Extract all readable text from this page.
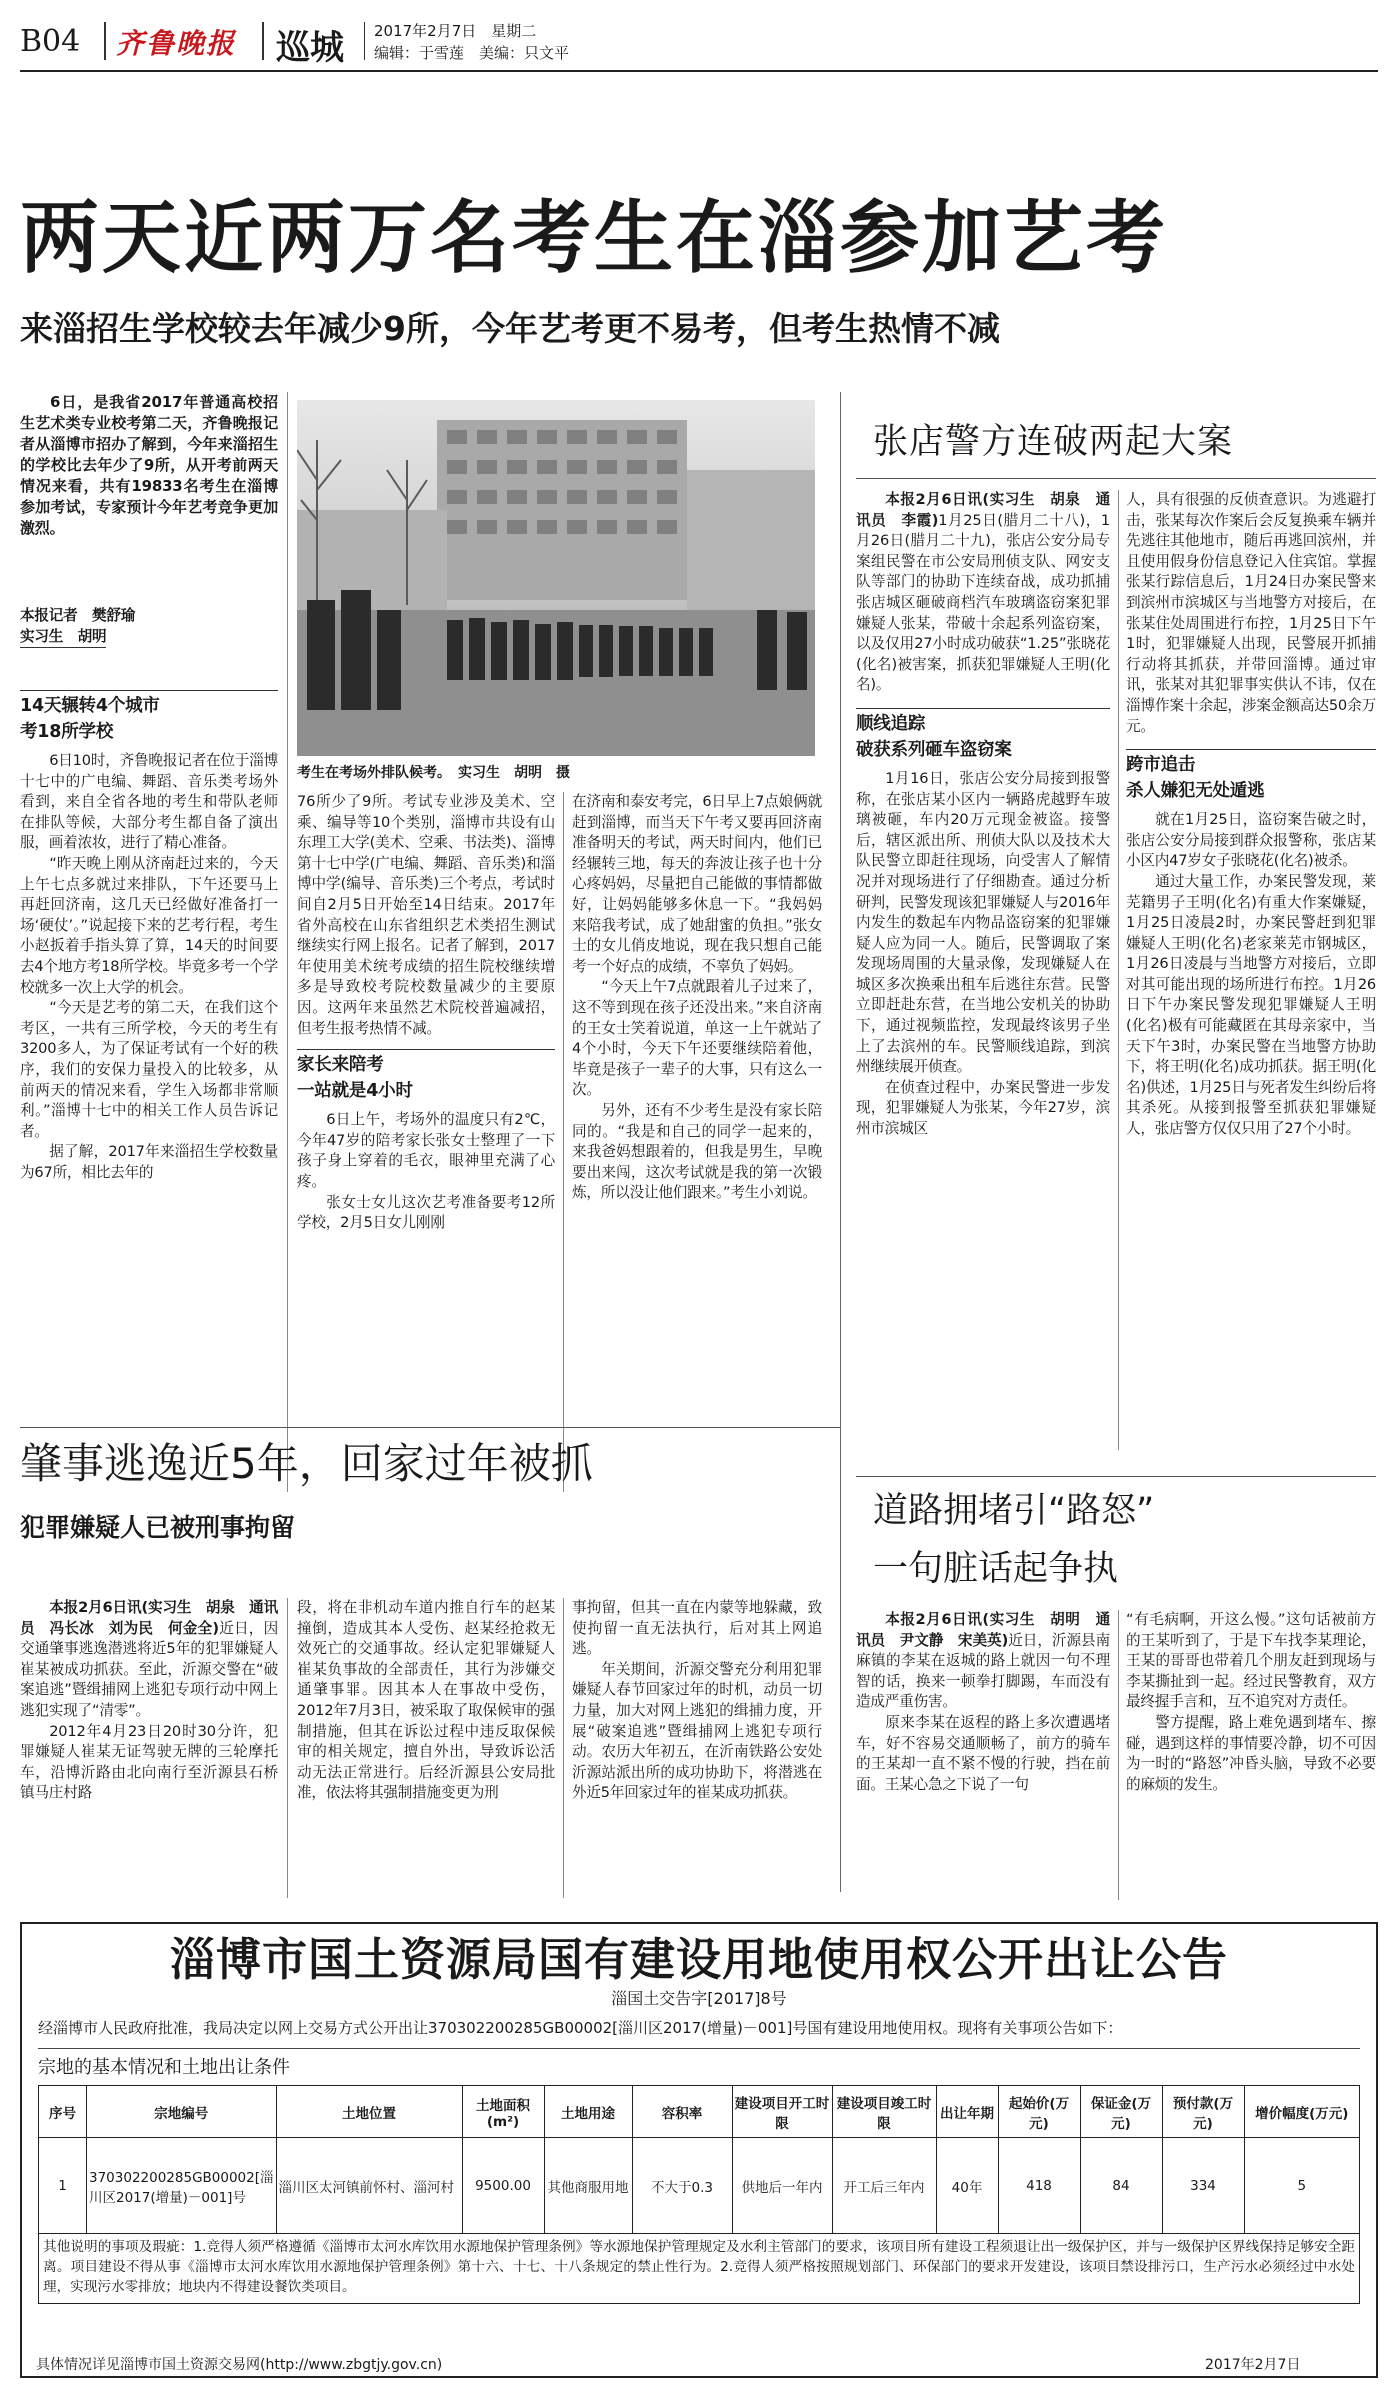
B04 齐鲁晚报 巡城 2017年2月7日　星期二
编辑：于雪莲　美编：只文平
两天近两万名考生在淄参加艺考
来淄招生学校较去年减少9所，今年艺考更不易考，但考生热情不减

6日，是我省2017年普通高校招生艺术类专业校考第二天，齐鲁晚报记者从淄博市招办了解到，今年来淄招生的学校比去年少了9所，从开考前两天情况来看，共有19833名考生在淄博参加考试，专家预计今年艺考竞争更加激烈。

本报记者　樊舒瑜
实习生　胡明
考生在考场外排队候考。　实习生　胡明　摄
14天辗转4个城市
考18所学校

6日10时，齐鲁晚报记者在位于淄博十七中的广电编、舞蹈、音乐类考场外看到，来自全省各地的考生和带队老师在排队等候，大部分考生都自备了演出服，画着浓妆，进行了精心准备。

“昨天晚上刚从济南赶过来的，今天上午七点多就过来排队，下午还要马上再赶回济南，这几天已经做好准备打一场‘硬仗’。”说起接下来的艺考行程，考生小赵扳着手指头算了算，14天的时间要去4个地方考18所学校。毕竟多考一个学校就多一次上大学的机会。

“今天是艺考的第二天，在我们这个考区，一共有三所学校，今天的考生有3200多人，为了保证考试有一个好的秩序，我们的安保力量投入的比较多，从前两天的情况来看，学生入场都非常顺利。”淄博十七中的相关工作人员告诉记者。

据了解，2017年来淄招生学校数量为67所，相比去年的

76所少了9所。考试专业涉及美术、空乘、编导等10个类别，淄博市共设有山东理工大学(美术、空乘、书法类)、淄博第十七中学(广电编、舞蹈、音乐类)和淄博中学(编导、音乐类)三个考点，考试时间自2月5日开始至14日结束。2017年省外高校在山东省组织艺术类招生测试继续实行网上报名。记者了解到，2017年使用美术统考成绩的招生院校继续增多是导致校考院校数量减少的主要原因。这两年来虽然艺术院校普遍减招，但考生报考热情不减。

家长来陪考
一站就是4小时

6日上午，考场外的温度只有2℃，今年47岁的陪考家长张女士整理了一下孩子身上穿着的毛衣，眼神里充满了心疼。

张女士女儿这次艺考准备要考12所学校，2月5日女儿刚刚

在济南和泰安考完，6日早上7点娘俩就赶到淄博，而当天下午考又要再回济南准备明天的考试，两天时间内，他们已经辗转三地，每天的奔波让孩子也十分心疼妈妈，尽量把自己能做的事情都做好，让妈妈能够多休息一下。“我妈妈来陪我考试，成了她甜蜜的负担。”张女士的女儿俏皮地说，现在我只想自己能考一个好点的成绩，不辜负了妈妈。

“今天上午7点就跟着儿子过来了，这不等到现在孩子还没出来。”来自济南的王女士笑着说道，单这一上午就站了4个小时，今天下午还要继续陪着他，毕竟是孩子一辈子的大事，只有这么一次。

另外，还有不少考生是没有家长陪同的。“我是和自己的同学一起来的，来我爸妈想跟着的，但我是男生，早晚要出来闯，这次考试就是我的第一次锻炼，所以没让他们跟来。”考生小刘说。

张店警方连破两起大案

本报2月6日讯(实习生　胡泉　通讯员　李霞)1月25日(腊月二十八)，1月26日(腊月二十九)，张店公安分局专案组民警在市公安局刑侦支队、网安支队等部门的协助下连续奋战，成功抓捕张店城区砸破商档汽车玻璃盗窃案犯罪嫌疑人张某，带破十余起系列盗窃案，以及仅用27小时成功破获“1.25”张晓花(化名)被害案，抓获犯罪嫌疑人王明(化名)。

顺线追踪
破获系列砸车盗窃案

1月16日，张店公安分局接到报警称，在张店某小区内一辆路虎越野车玻璃被砸，车内20万元现金被盗。接警后，辖区派出所、刑侦大队以及技术大队民警立即赶往现场，向受害人了解情况并对现场进行了仔细勘查。通过分析研判，民警发现该犯罪嫌疑人与2016年内发生的数起车内物品盗窃案的犯罪嫌疑人应为同一人。随后，民警调取了案发现场周围的大量录像，发现嫌疑人在城区多次换乘出租车后逃往东营。民警立即赶赴东营，在当地公安机关的协助下，通过视频监控，发现最终该男子坐上了去滨州的车。民警顺线追踪，到滨州继续展开侦查。

在侦查过程中，办案民警进一步发现，犯罪嫌疑人为张某，今年27岁，滨州市滨城区

人，具有很强的反侦查意识。为逃避打击，张某每次作案后会反复换乘车辆并先逃往其他地市，随后再逃回滨州，并且使用假身份信息登记入住宾馆。掌握张某行踪信息后，1月24日办案民警来到滨州市滨城区与当地警方对接后，在张某住处周围进行布控，1月25日下午1时，犯罪嫌疑人出现，民警展开抓捕行动将其抓获，并带回淄博。通过审讯，张某对其犯罪事实供认不讳，仅在淄博作案十余起，涉案金额高达50余万元。

跨市追击
杀人嫌犯无处遁逃

就在1月25日，盗窃案告破之时，张店公安分局接到群众报警称，张店某小区内47岁女子张晓花(化名)被杀。

通过大量工作，办案民警发现，莱芜籍男子王明(化名)有重大作案嫌疑，1月25日凌晨2时，办案民警赶到犯罪嫌疑人王明(化名)老家莱芜市钢城区，1月26日凌晨与当地警方对接后，立即对其可能出现的场所进行布控。1月26日下午办案民警发现犯罪嫌疑人王明(化名)极有可能藏匿在其母亲家中，当天下午3时，办案民警在当地警方协助下，将王明(化名)成功抓获。据王明(化名)供述，1月25日与死者发生纠纷后将其杀死。从接到报警至抓获犯罪嫌疑人，张店警方仅仅只用了27个小时。

肇事逃逸近5年，回家过年被抓
犯罪嫌疑人已被刑事拘留

本报2月6日讯(实习生　胡泉　通讯员　冯长冰　刘为民　何金全)近日，因交通肇事逃逸潜逃将近5年的犯罪嫌疑人崔某被成功抓获。至此，沂源交警在“破案追逃”暨缉捕网上逃犯专项行动中网上逃犯实现了“清零”。

2012年4月23日20时30分许，犯罪嫌疑人崔某无证驾驶无牌的三轮摩托车，沿博沂路由北向南行至沂源县石桥镇马庄村路

段，将在非机动车道内推自行车的赵某撞倒，造成其本人受伤、赵某经抢救无效死亡的交通事故。经认定犯罪嫌疑人崔某负事故的全部责任，其行为涉嫌交通肇事罪。因其本人在事故中受伤，2012年7月3日，被采取了取保候审的强制措施，但其在诉讼过程中违反取保候审的相关规定，擅自外出，导致诉讼活动无法正常进行。后经沂源县公安局批准，依法将其强制措施变更为刑

事拘留，但其一直在内蒙等地躲藏，致使拘留一直无法执行，后对其上网追逃。

年关期间，沂源交警充分利用犯罪嫌疑人春节回家过年的时机，动员一切力量，加大对网上逃犯的缉捕力度，开展“破案追逃”暨缉捕网上逃犯专项行动。农历大年初五，在沂南铁路公安处沂源站派出所的成功协助下，将潜逃在外近5年回家过年的崔某成功抓获。

道路拥堵引“路怒”
一句脏话起争执

本报2月6日讯(实习生　胡明　通讯员　尹文静　宋美英)近日，沂源县南麻镇的李某在返城的路上就因一句不理智的话，换来一顿拳打脚踢，车而没有造成严重伤害。

原来李某在返程的路上多次遭遇堵车，好不容易交通顺畅了，前方的骑车的王某却一直不紧不慢的行驶，挡在前面。王某心急之下说了一句

“有毛病啊，开这么慢。”这句话被前方的王某听到了，于是下车找李某理论，王某的哥哥也带着几个朋友赶到现场与李某撕扯到一起。经过民警教育，双方最终握手言和，互不追究对方责任。

警方提醒，路上难免遇到堵车、擦碰，遇到这样的事情要冷静，切不可因为一时的“路怒”冲昏头脑，导致不必要的麻烦的发生。

淄博市国土资源局国有建设用地使用权公开出让公告
淄国土交告字[2017]8号
经淄博市人民政府批准，我局决定以网上交易方式公开出让370302200285GB00002[淄川区2017(增量)－001]号国有建设用地使用权。现将有关事项公告如下：
宗地的基本情况和土地出让条件
序号	宗地编号	土地位置	土地面积(m²)	土地用途	容积率	建设项目开工时限	建设项目竣工时限	出让年期	起始价(万元)	保证金(万元)	预付款(万元)	增价幅度(万元)
1	370302200285GB00002[淄川区2017(增量)－001]号	淄川区太河镇前怀村、淄河村	9500.00	其他商服用地	不大于0.3	供地后一年内	开工后三年内	40年	418	84	334	5
其他说明的事项及瑕疵：1.竞得人须严格遵循《淄博市太河水库饮用水源地保护管理条例》等水源地保护管理规定及水利主管部门的要求，该项目所有建设工程须退让出一级保护区，并与一级保护区界线保持足够安全距离。项目建设不得从事《淄博市太河水库饮用水源地保护管理条例》第十六、十七、十八条规定的禁止性行为。2.竞得人须严格按照规划部门、环保部门的要求开发建设，该项目禁设排污口，生产污水必须经过中水处理，实现污水零排放；地块内不得建设餐饮类项目。
具体情况详见淄博市国土资源交易网(http://www.zbgtjy.gov.cn)	2017年2月7日
